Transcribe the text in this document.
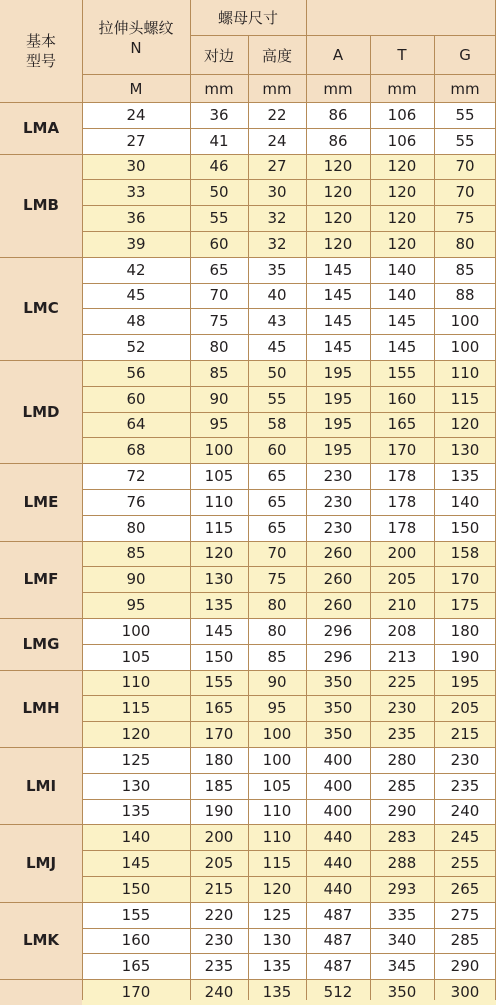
基本
型号
拉伸头螺纹
N
螺母尺寸
对边	高度	A	T	G
M	mm	mm	mm	mm	mm
LMA
24	36	22	86	106	55
27	41	24	86	106	55
LMB
30	46	27	120	120	70
33	50	30	120	120	70
36	55	32	120	120	75
39	60	32	120	120	80
LMC
42	65	35	145	140	85
45	70	40	145	140	88
48	75	43	145	145	100
52	80	45	145	145	100
LMD
56	85	50	195	155	110
60	90	55	195	160	115
64	95	58	195	165	120
68	100	60	195	170	130
LME
72	105	65	230	178	135
76	110	65	230	178	140
80	115	65	230	178	150
LMF
85	120	70	260	200	158
90	130	75	260	205	170
95	135	80	260	210	175
LMG
100	145	80	296	208	180
105	150	85	296	213	190
LMH
110	155	90	350	225	195
115	165	95	350	230	205
120	170	100	350	235	215
LMI
125	180	100	400	280	230
130	185	105	400	285	235
135	190	110	400	290	240
LMJ
140	200	110	440	283	245
145	205	115	440	288	255
150	215	120	440	293	265
LMK
155	220	125	487	335	275
160	230	130	487	340	285
165	235	135	487	345	290
170	240	135	512	350	300
